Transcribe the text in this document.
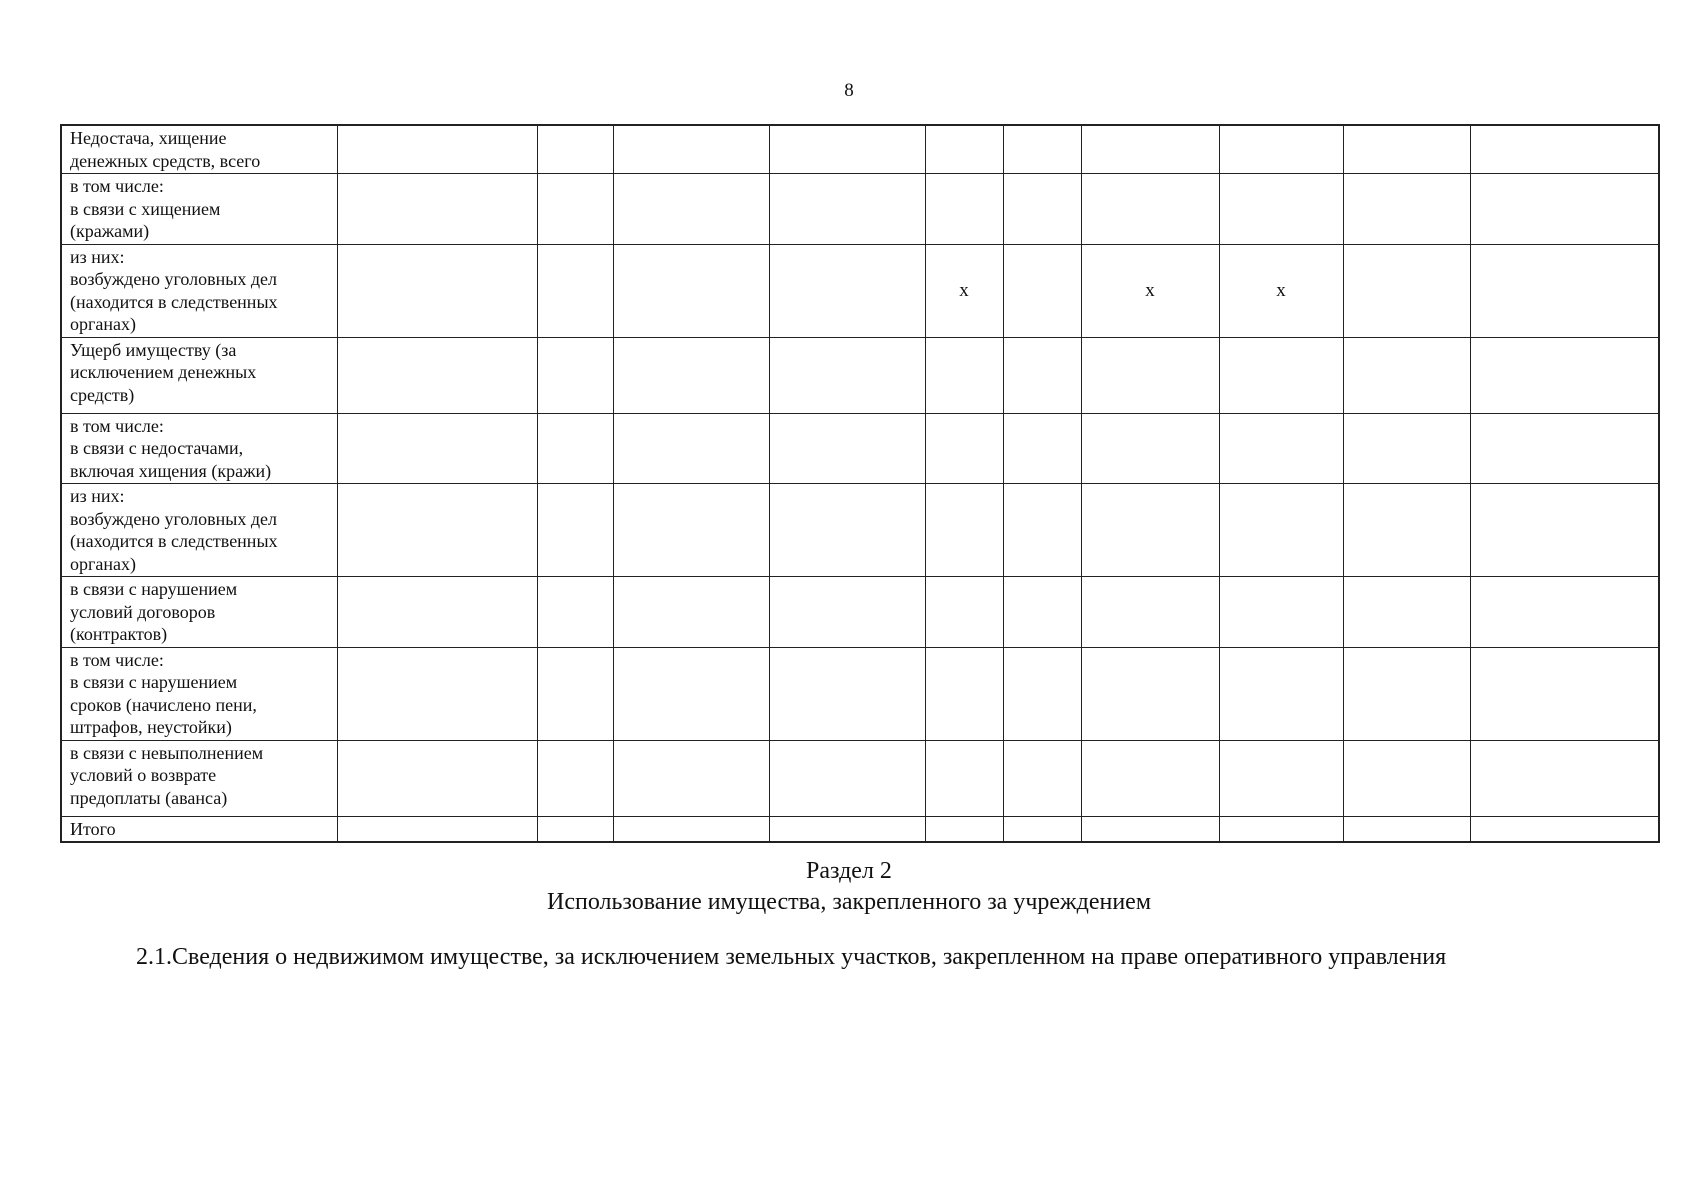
8
Недостача, хищение
денежных средств, всего										

в том числе:
в связи с хищением
(кражами)										

из них:
возбуждено уголовных дел
(находится в следственных
органах)					x		x	x		

Ущерб имуществу (за
исключением денежных
средств)										

в том числе:
в связи с недостачами,
включая хищения (кражи)										

из них:
возбуждено уголовных дел
(находится в следственных
органах)										

в связи с нарушением
условий договоров
(контрактов)										

в том числе:
в связи с нарушением
сроков (начислено пени,
штрафов, неустойки)										

в связи с невыполнением
условий о возврате
предоплаты (аванса)										

Итого										

Раздел 2
Использование имущества, закрепленного за учреждением
2.1.Сведения о недвижимом имуществе, за исключением земельных участков, закрепленном на праве оперативного управления
